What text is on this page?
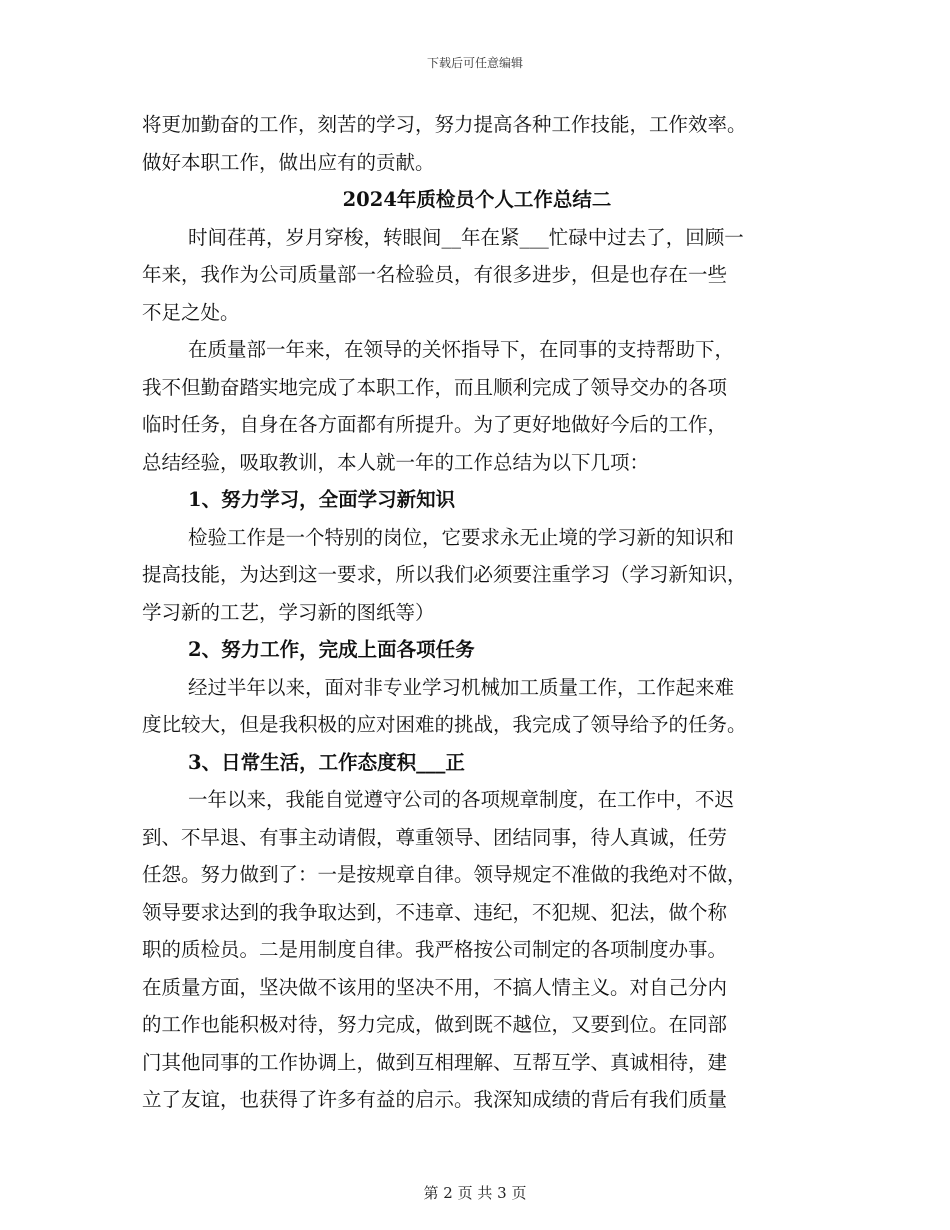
下载后可任意编辑
将更加勤奋的工作，刻苦的学习，努力提高各种工作技能，工作效率。
做好本职工作，做出应有的贡献。
2024年质检员个人工作总结二
时间荏苒，岁月穿梭，转眼间__年在紧___忙碌中过去了，回顾一
年来，我作为公司质量部一名检验员，有很多进步，但是也存在一些
不足之处。
在质量部一年来，在领导的关怀指导下，在同事的支持帮助下，
我不但勤奋踏实地完成了本职工作，而且顺利完成了领导交办的各项
临时任务，自身在各方面都有所提升。为了更好地做好今后的工作，
总结经验，吸取教训，本人就一年的工作总结为以下几项：
1、努力学习，全面学习新知识
检验工作是一个特别的岗位，它要求永无止境的学习新的知识和
提高技能，为达到这一要求，所以我们必须要注重学习（学习新知识，
学习新的工艺，学习新的图纸等）
2、努力工作，完成上面各项任务
经过半年以来，面对非专业学习机械加工质量工作，工作起来难
度比较大，但是我积极的应对困难的挑战，我完成了领导给予的任务。
3、日常生活，工作态度积___正
一年以来，我能自觉遵守公司的各项规章制度，在工作中，不迟
到、不早退、有事主动请假，尊重领导、团结同事，待人真诚，任劳
任怨。努力做到了：一是按规章自律。领导规定不准做的我绝对不做，
领导要求达到的我争取达到，不违章、违纪，不犯规、犯法，做个称
职的质检员。二是用制度自律。我严格按公司制定的各项制度办事。
在质量方面，坚决做不该用的坚决不用，不搞人情主义。对自己分内
的工作也能积极对待，努力完成，做到既不越位，又要到位。在同部
门其他同事的工作协调上，做到互相理解、互帮互学、真诚相待，建
立了友谊，也获得了许多有益的启示。我深知成绩的背后有我们质量
第 2 页 共 3 页
